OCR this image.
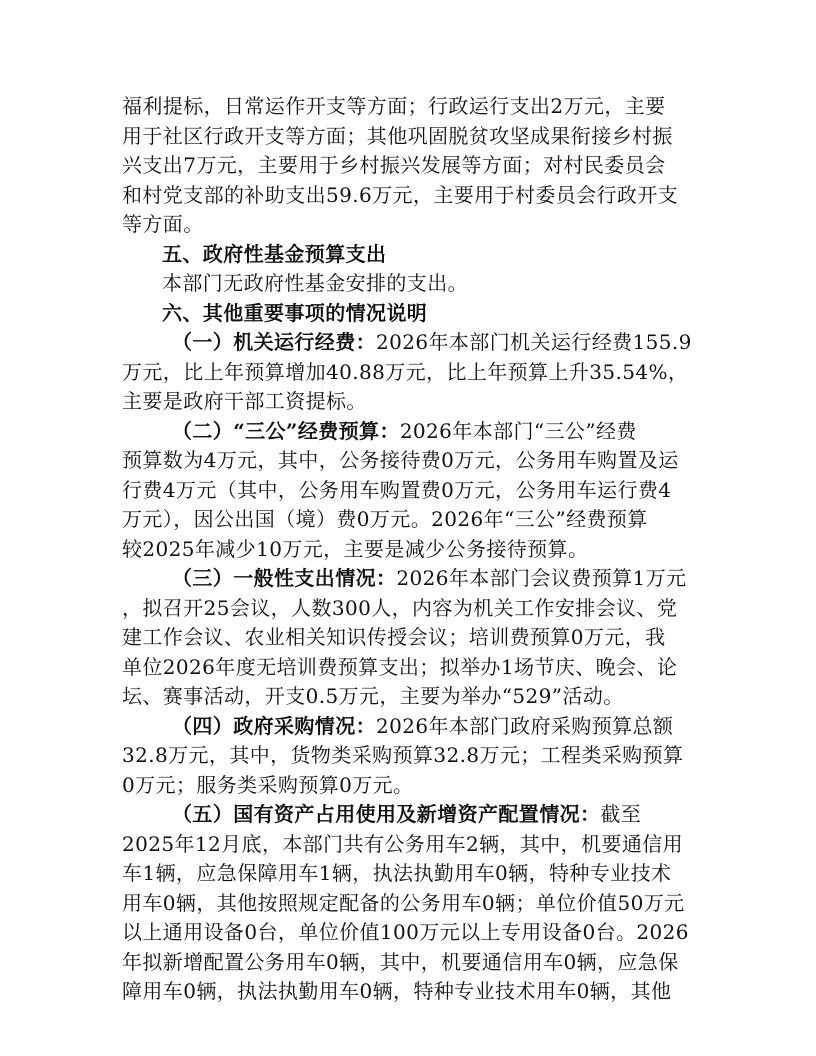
福利提标，日常运作开支等方面；行政运行支出2万元，主要
用于社区行政开支等方面；其他巩固脱贫攻坚成果衔接乡村振
兴支出7万元，主要用于乡村振兴发展等方面；对村民委员会
和村党支部的补助支出59.6万元，主要用于村委员会行政开支
等方面。
五、政府性基金预算支出
本部门无政府性基金安排的支出。
六、其他重要事项的情况说明
（一）机关运行经费：2026年本部门机关运行经费155.9
万元，比上年预算增加40.88万元，比上年预算上升35.54%，
主要是政府干部工资提标。
（二）“三公”经费预算：2026年本部门“三公”经费
预算数为4万元，其中，公务接待费0万元，公务用车购置及运
行费4万元（其中，公务用车购置费0万元，公务用车运行费4
万元），因公出国（境）费0万元。2026年“三公”经费预算
较2025年减少10万元，主要是减少公务接待预算。
（三）一般性支出情况：2026年本部门会议费预算1万元
，拟召开25会议，人数300人，内容为机关工作安排会议、党
建工作会议、农业相关知识传授会议；培训费预算0万元，我
单位2026年度无培训费预算支出；拟举办1场节庆、晚会、论
坛、赛事活动，开支0.5万元，主要为举办“529”活动。
（四）政府采购情况：2026年本部门政府采购预算总额
32.8万元，其中，货物类采购预算32.8万元；工程类采购预算
0万元；服务类采购预算0万元。
（五）国有资产占用使用及新增资产配置情况：截至
2025年12月底，本部门共有公务用车2辆，其中，机要通信用
车1辆，应急保障用车1辆，执法执勤用车0辆，特种专业技术
用车0辆，其他按照规定配备的公务用车0辆；单位价值50万元
以上通用设备0台，单位价值100万元以上专用设备0台。2026
年拟新增配置公务用车0辆，其中，机要通信用车0辆，应急保
障用车0辆，执法执勤用车0辆，特种专业技术用车0辆，其他
